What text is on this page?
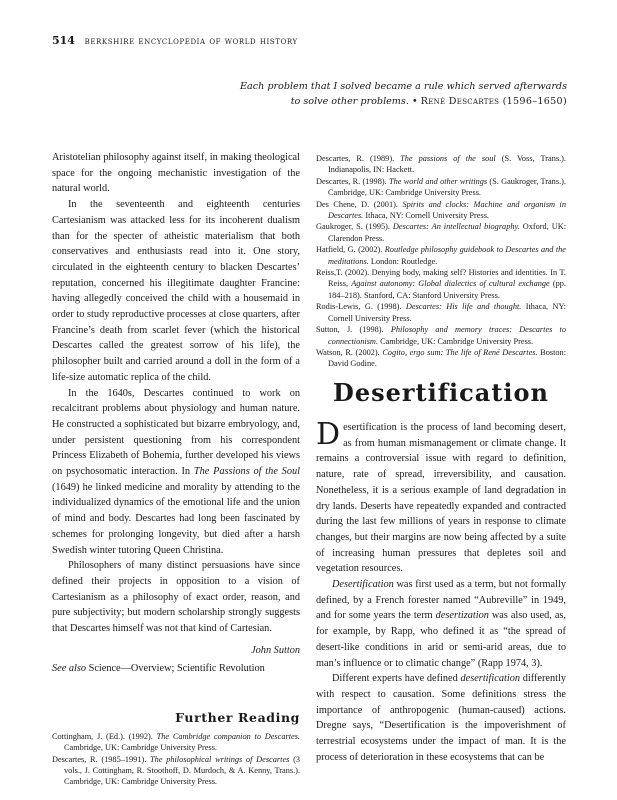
514 berkshire encyclopedia of world history
Each problem that I solved became a rule which served afterwards
to solve other problems. • René Descartes (1596–1650)

Aristotelian philosophy against itself, in making theological space for the ongoing mechanistic investigation of the natural world.

In the seventeenth and eighteenth centuries Cartesianism was attacked less for its incoherent dualism than for the specter of atheistic materialism that both conservatives and enthusiasts read into it. One story, circulated in the eighteenth century to blacken Descartes’ reputation, concerned his illegitimate daughter Francine: having allegedly conceived the child with a housemaid in order to study reproductive processes at close quarters, after Francine’s death from scarlet fever (which the historical Descartes called the greatest sorrow of his life), the philosopher built and carried around a doll in the form of a life-size automatic replica of the child.

In the 1640s, Descartes continued to work on recalcitrant problems about physiology and human nature. He constructed a sophisticated but bizarre embryology, and, under persistent questioning from his correspondent Princess Elizabeth of Bohemia, further developed his views on psychosomatic interaction. In The Passions of the Soul (1649) he linked medicine and morality by attending to the individualized dynamics of the emotional life and the union of mind and body. Descartes had long been fascinated by schemes for prolonging longevity, but died after a harsh Swedish winter tutoring Queen Christina.

Philosophers of many distinct persuasions have since defined their projects in opposition to a vision of Cartesianism as a philosophy of exact order, reason, and pure subjectivity; but modern scholarship strongly suggests that Descartes himself was not that kind of Cartesian.

John Sutton
See also Science—Overview; Scientific Revolution
Further Reading
Cottingham, J. (Ed.). (1992). The Cambridge companion to Descartes. Cambridge, UK: Cambridge University Press.
Descartes, R. (1985–1991). The philosophical writings of Descartes (3 vols., J. Cottingham, R. Stoothoff, D. Murdoch, & A. Kenny, Trans.). Cambridge, UK: Cambridge University Press.
Descartes, R. (1989). The passions of the soul (S. Voss, Trans.). Indianapolis, IN: Hackett.
Descartes, R. (1998). The world and other writings (S. Gaukroger, Trans.). Cambridge, UK: Cambridge University Press.
Des Chene, D. (2001). Spirits and clocks: Machine and organism in Descartes. Ithaca, NY: Cornell University Press.
Gaukroger, S. (1995). Descartes: An intellectual biography. Oxford, UK: Clarendon Press.
Hatfield, G. (2002). Routledge philosophy guidebook to Descartes and the meditations. London: Routledge.
Reiss,T. (2002). Denying body, making self? Histories and identities. In T. Reiss, Against autonomy: Global dialectics of cultural exchange (pp. 184–218). Stanford, CA: Stanford University Press.
Rodis-Lewis, G. (1998). Descartes: His life and thought. Ithaca, NY: Cornell University Press.
Sutton, J. (1998). Philosophy and memory traces: Descartes to connectionism. Cambridge, UK: Cambridge University Press.
Watson, R. (2002). Cogito, ergo sum: The life of René Descartes. Boston: David Godine.
Desertification

Desertification is the process of land becoming desert, as from human mismanagement or climate change. It remains a controversial issue with regard to definition, nature, rate of spread, irreversibility, and causation. Nonetheless, it is a serious example of land degradation in dry lands. Deserts have repeatedly expanded and contracted during the last few millions of years in response to climate changes, but their margins are now being affected by a suite of increasing human pressures that depletes soil and vegetation resources.

Desertification was first used as a term, but not formally defined, by a French forester named “Aubreville” in 1949, and for some years the term desertization was also used, as, for example, by Rapp, who defined it as “the spread of desert-like conditions in arid or semi-arid areas, due to man’s influence or to climatic change” (Rapp 1974, 3).

Different experts have defined desertification differently with respect to causation. Some definitions stress the importance of anthropogenic (human-caused) actions. Dregne says, “Desertification is the impoverishment of terrestrial ecosystems under the impact of man. It is the process of deterioration in these ecosystems that can be
